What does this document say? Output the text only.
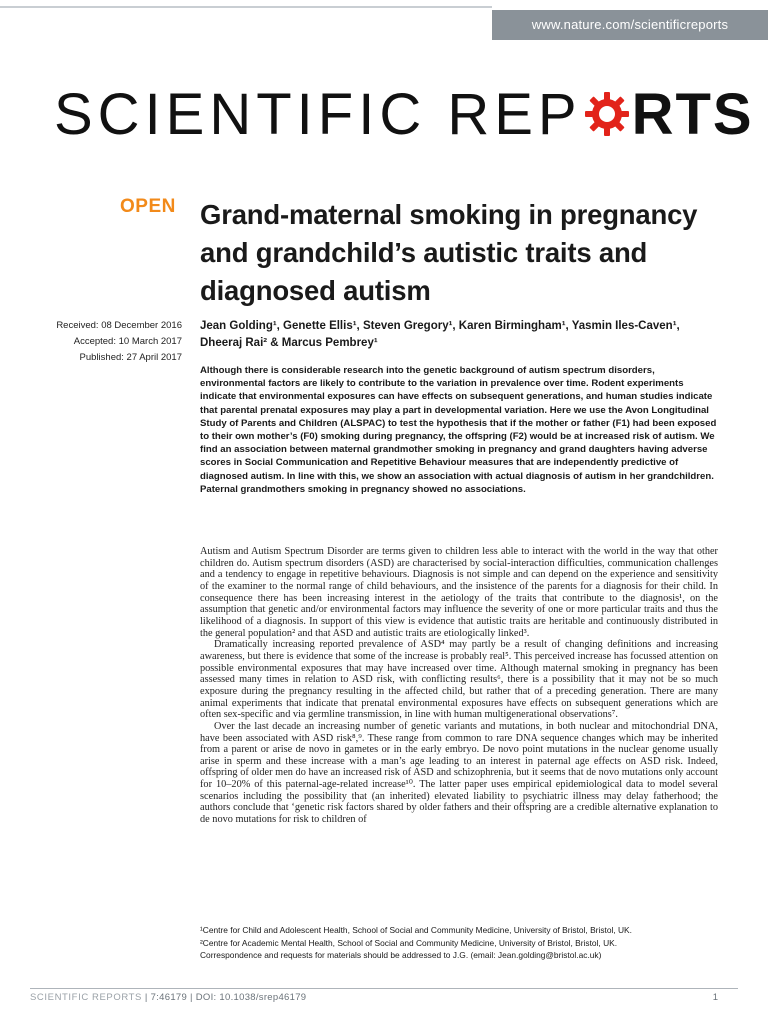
www.nature.com/scientificreports
SCIENTIFIC REP RTS
OPEN Grand-maternal smoking in pregnancy and grandchild’s autistic traits and diagnosed autism
Received: 08 December 2016
Accepted: 10 March 2017
Published: 27 April 2017
Jean Golding¹, Genette Ellis¹, Steven Gregory¹, Karen Birmingham¹, Yasmin Iles-Caven¹,
Dheeraj Rai² & Marcus Pembrey¹
Although there is considerable research into the genetic background of autism spectrum disorders, environmental factors are likely to contribute to the variation in prevalence over time. Rodent experiments indicate that environmental exposures can have effects on subsequent generations, and human studies indicate that parental prenatal exposures may play a part in developmental variation. Here we use the Avon Longitudinal Study of Parents and Children (ALSPAC) to test the hypothesis that if the mother or father (F1) had been exposed to their own mother’s (F0) smoking during pregnancy, the offspring (F2) would be at increased risk of autism. We find an association between maternal grandmother smoking in pregnancy and grand daughters having adverse scores in Social Communication and Repetitive Behaviour measures that are independently predictive of diagnosed autism. In line with this, we show an association with actual diagnosis of autism in her grandchildren. Paternal grandmothers smoking in pregnancy showed no associations.

Autism and Autism Spectrum Disorder are terms given to children less able to interact with the world in the way that other children do. Autism spectrum disorders (ASD) are characterised by social-interaction difficulties, communication challenges and a tendency to engage in repetitive behaviours. Diagnosis is not simple and can depend on the experience and sensitivity of the examiner to the normal range of child behaviours, and the insistence of the parents for a diagnosis for their child. In consequence there has been increasing interest in the aetiology of the traits that contribute to the diagnosis¹, on the assumption that genetic and/or environmental factors may influence the severity of one or more particular traits and thus the likelihood of a diagnosis. In support of this view is evidence that autistic traits are heritable and continuously distributed in the general population² and that ASD and autistic traits are etiologically linked³.

Dramatically increasing reported prevalence of ASD⁴ may partly be a result of changing definitions and increasing awareness, but there is evidence that some of the increase is probably real⁵. This perceived increase has focussed attention on possible environmental exposures that may have increased over time. Although maternal smoking in pregnancy has been assessed many times in relation to ASD risk, with conflicting results⁶, there is a possibility that it may not be so much exposure during the pregnancy resulting in the affected child, but rather that of a preceding generation. There are many animal experiments that indicate that prenatal environmental exposures have effects on subsequent generations which are often sex-specific and via germline transmission, in line with human multigenerational observations⁷.

Over the last decade an increasing number of genetic variants and mutations, in both nuclear and mitochondrial DNA, have been associated with ASD risk⁸,⁹. These range from common to rare DNA sequence changes which may be inherited from a parent or arise de novo in gametes or in the early embryo. De novo point mutations in the nuclear genome usually arise in sperm and these increase with a man’s age leading to an interest in paternal age effects on ASD risk. Indeed, offspring of older men do have an increased risk of ASD and schizophrenia, but it seems that de novo mutations only account for 10–20% of this paternal-age-related increase¹⁰. The latter paper uses empirical epidemiological data to model several scenarios including the possibility that (an inherited) elevated liability to psychiatric illness may delay fatherhood; the authors conclude that ‘genetic risk factors shared by older fathers and their offspring are a credible alternative explanation to de novo mutations for risk to children of

¹Centre for Child and Adolescent Health, School of Social and Community Medicine, University of Bristol, Bristol, UK.
²Centre for Academic Mental Health, School of Social and Community Medicine, University of Bristol, Bristol, UK.
Correspondence and requests for materials should be addressed to J.G. (email: Jean.golding@bristol.ac.uk)
SCIENTIFIC REPORTS | 7:46179 | DOI: 10.1038/srep46179	1
